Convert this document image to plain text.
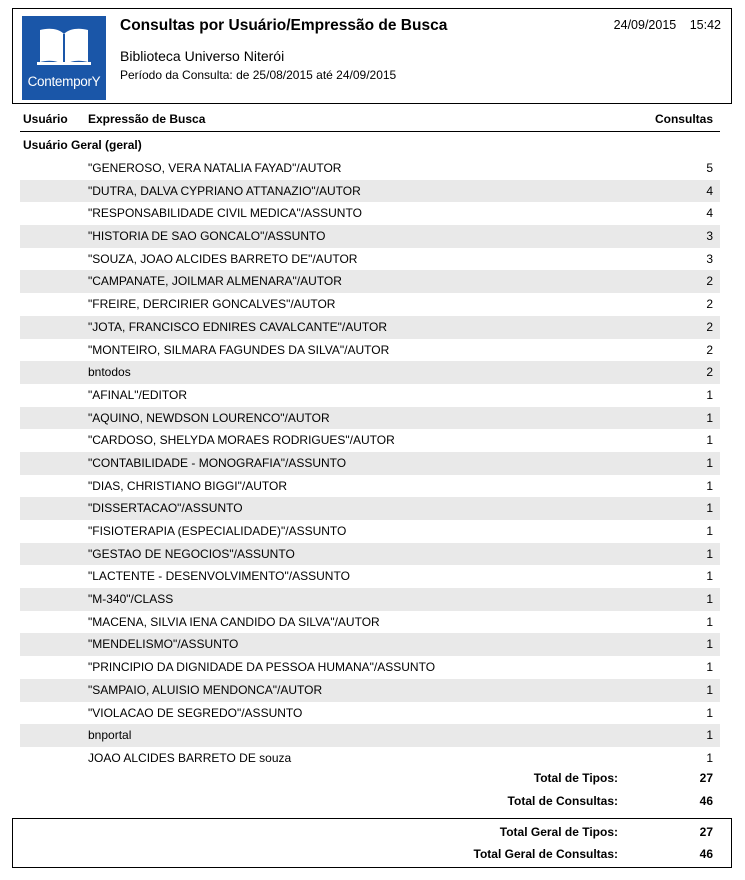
ContemporY
Consultas por Usuário/Empressão de Busca	24/09/2015 15:42
Biblioteca Universo Niterói
Período da Consulta: de 25/08/2015 até 24/09/2015
Usuário Expressão de Busca	Consultas
Usuário Geral (geral)
"GENEROSO, VERA NATALIA FAYAD"/AUTOR	5
"DUTRA, DALVA CYPRIANO ATTANAZIO"/AUTOR	4
"RESPONSABILIDADE CIVIL MEDICA"/ASSUNTO	4
"HISTORIA DE SAO GONCALO"/ASSUNTO	3
"SOUZA, JOAO ALCIDES BARRETO DE"/AUTOR	3
"CAMPANATE, JOILMAR ALMENARA"/AUTOR	2
"FREIRE, DERCIRIER GONCALVES"/AUTOR	2
"JOTA, FRANCISCO EDNIRES CAVALCANTE"/AUTOR	2
"MONTEIRO, SILMARA FAGUNDES DA SILVA"/AUTOR	2
bntodos	2
"AFINAL"/EDITOR	1
"AQUINO, NEWDSON LOURENCO"/AUTOR	1
"CARDOSO, SHELYDA MORAES RODRIGUES"/AUTOR	1
"CONTABILIDADE - MONOGRAFIA"/ASSUNTO	1
"DIAS, CHRISTIANO BIGGI"/AUTOR	1
"DISSERTACAO"/ASSUNTO	1
"FISIOTERAPIA (ESPECIALIDADE)"/ASSUNTO	1
"GESTAO DE NEGOCIOS"/ASSUNTO	1
"LACTENTE - DESENVOLVIMENTO"/ASSUNTO	1
"M-340"/CLASS	1
"MACENA, SILVIA IENA CANDIDO DA SILVA"/AUTOR	1
"MENDELISMO"/ASSUNTO	1
"PRINCIPIO DA DIGNIDADE DA PESSOA HUMANA"/ASSUNTO	1
"SAMPAIO, ALUISIO MENDONCA"/AUTOR	1
"VIOLACAO DE SEGREDO"/ASSUNTO	1
bnportal	1
JOAO ALCIDES BARRETO DE souza	1
Total de Tipos:	27
Total de Consultas:	46
Total Geral de Tipos:	27
Total Geral de Consultas:	46
